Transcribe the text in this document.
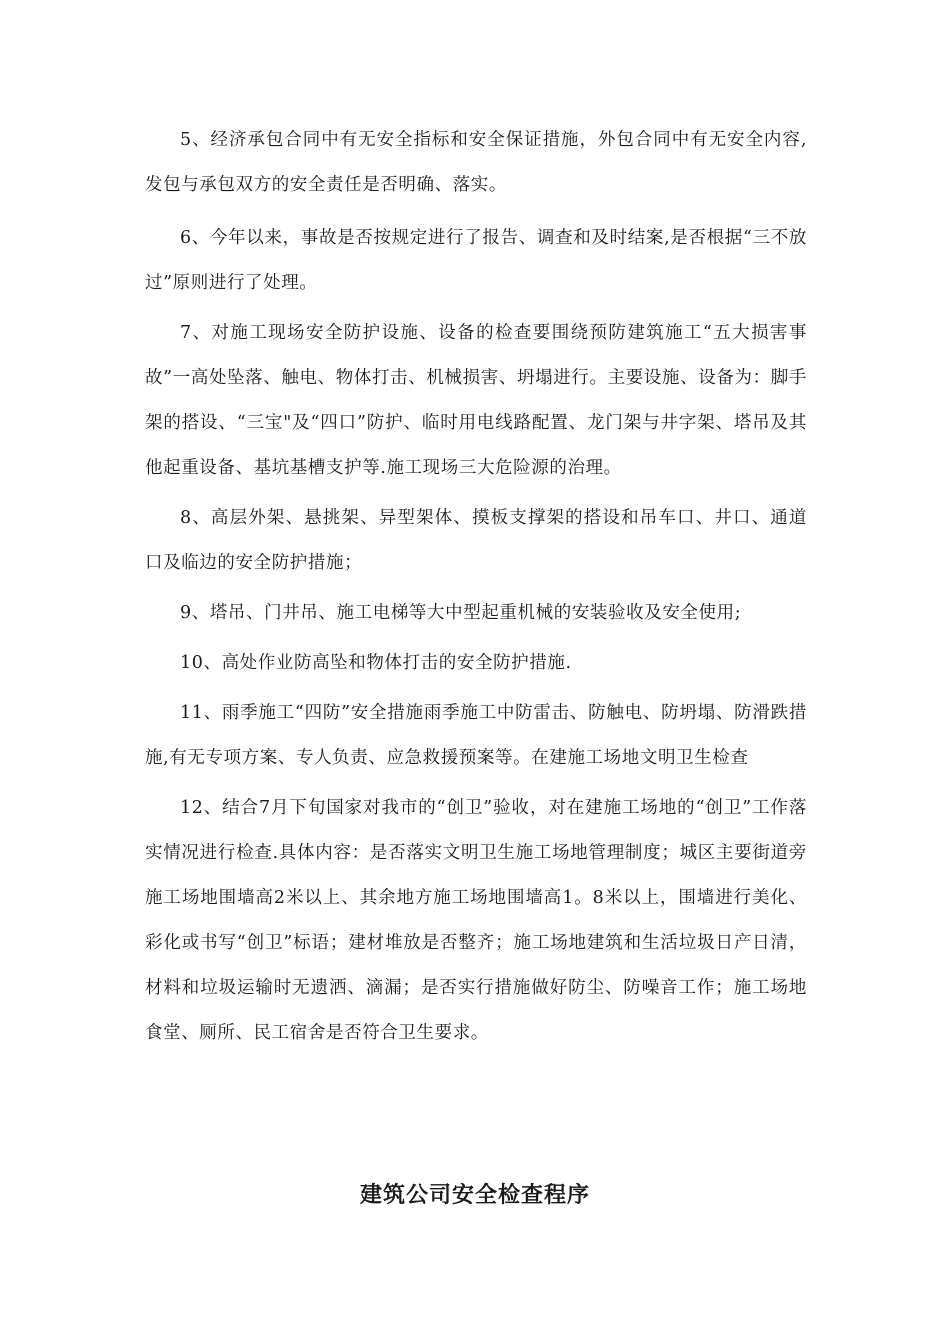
5、经济承包合同中有无安全指标和安全保证措施，外包合同中有无安全内容,发包与承包双方的安全责任是否明确、落实。

6、今年以来，事故是否按规定进行了报告、调查和及时结案,是否根据“三不放过”原则进行了处理。

7、对施工现场安全防护设施、设备的检查要围绕预防建筑施工“五大损害事故”一高处坠落、触电、物体打击、机械损害、坍塌进行。主要设施、设备为：脚手架的搭设、“三宝"及“四口”防护、临时用电线路配置、龙门架与井字架、塔吊及其他起重设备、基坑基槽支护等.施工现场三大危险源的治理。

8、高层外架、悬挑架、异型架体、摸板支撑架的搭设和吊车口、井口、通道口及临边的安全防护措施；

9、塔吊、门井吊、施工电梯等大中型起重机械的安装验收及安全使用;

10、高处作业防高坠和物体打击的安全防护措施.

11、雨季施工“四防”安全措施雨季施工中防雷击、防触电、防坍塌、防滑跌措施,有无专项方案、专人负责、应急救援预案等。在建施工场地文明卫生检查

12、结合7月下旬国家对我市的“创卫”验收，对在建施工场地的“创卫”工作落实情况进行检查.具体内容：是否落实文明卫生施工场地管理制度；城区主要街道旁施工场地围墙高2米以上、其余地方施工场地围墙高1。8米以上，围墙进行美化、彩化或书写“创卫”标语；建材堆放是否整齐；施工场地建筑和生活垃圾日产日清，材料和垃圾运输时无遗洒、滴漏；是否实行措施做好防尘、防噪音工作；施工场地食堂、厕所、民工宿舍是否符合卫生要求。

建筑公司安全检查程序
